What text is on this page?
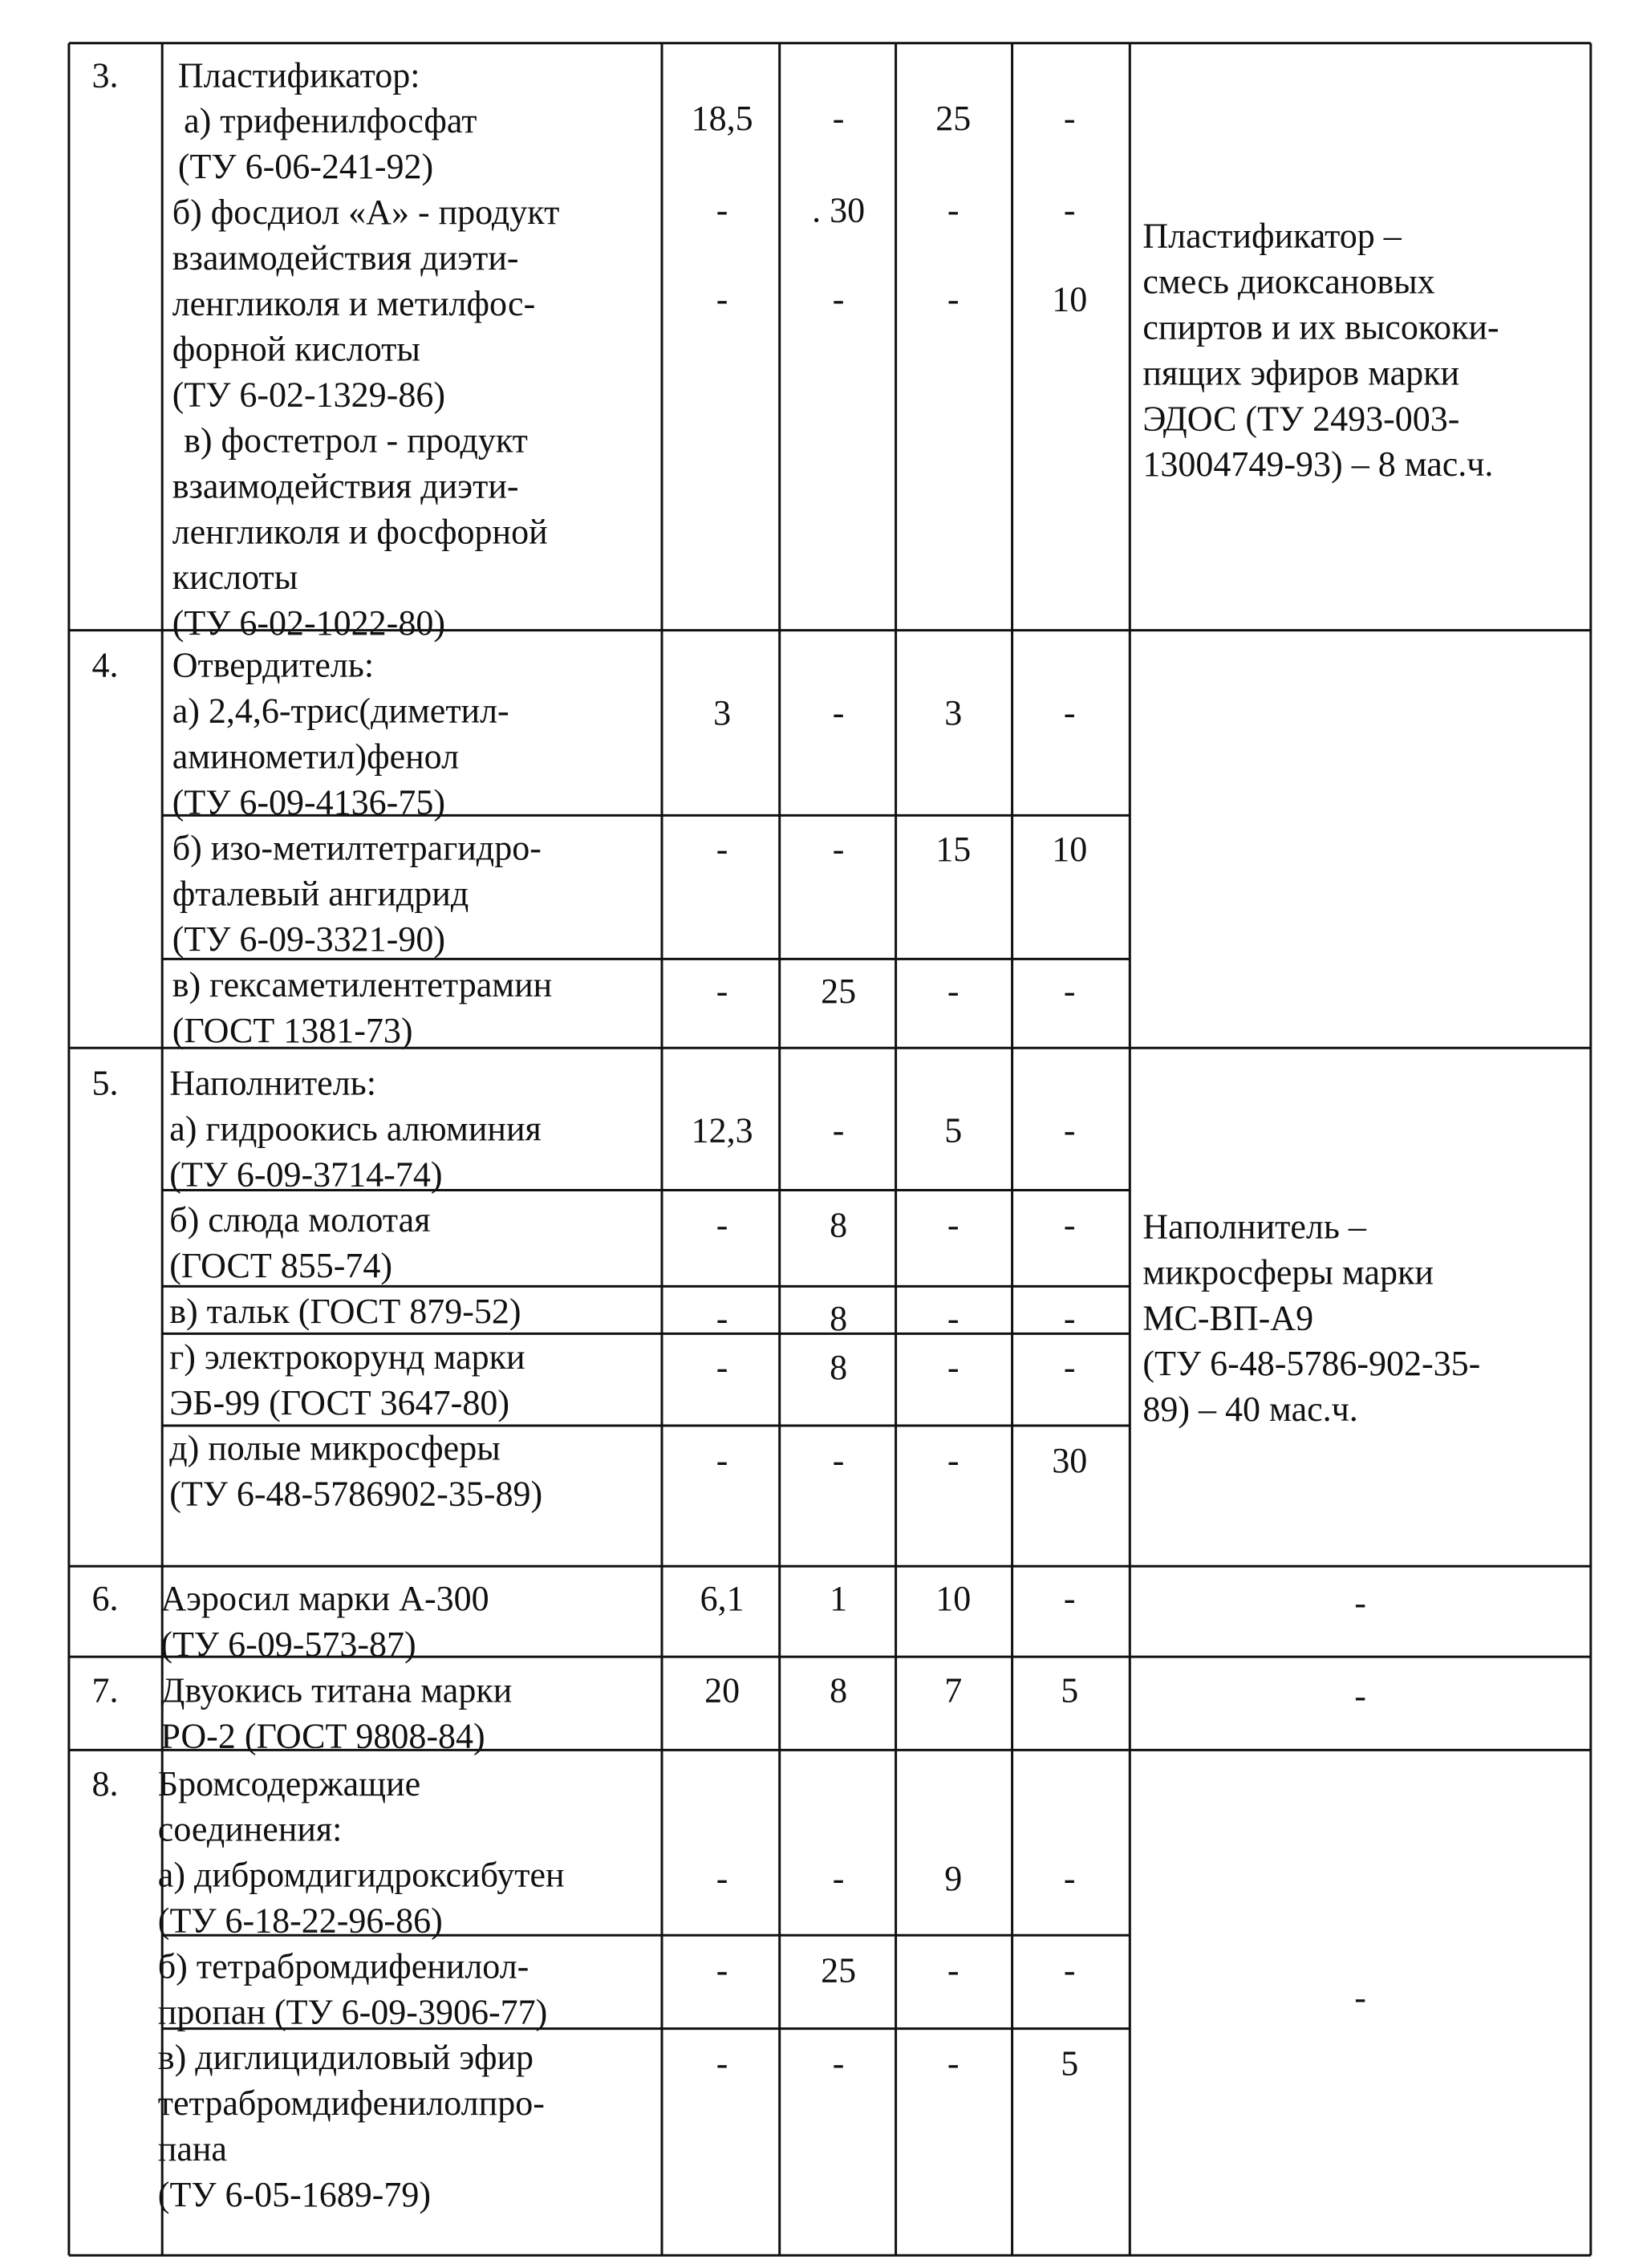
3. Пластификатор:
а) трифенилфосфат
(ТУ 6-06-241-92)
б) фосдиол «А» - продукт
взаимодействия диэти-
ленгликоля и метилфос-
форной кислоты
(ТУ 6-02-1329-86)
в) фостетрол - продукт
взаимодействия диэти-
ленгликоля и фосфорной
кислоты
(ТУ 6-02-1022-80)
18,5 -	25	-
- . 30 -	-
-	-	-	10
Пластификатор –
смесь диоксановых
спиртов и их высококи-
пящих эфиров марки
ЭДОС (ТУ 2493-003-
13004749-93) – 8 мас.ч.
4. Отвердитель:
а) 2,4,6-трис(диметил-
аминометил)фенол
(ТУ 6-09-4136-75)
б) изо-метилтетрагидро-
фталевый ангидрид
(ТУ 6-09-3321-90)
в) гексаметилентетрамин
(ГОСТ 1381-73)
3	-	3	-
-	-	15 10
-	25	-	-
5. Наполнитель:
а) гидроокись алюминия
(ТУ 6-09-3714-74)
б) слюда молотая
(ГОСТ 855-74)
в) тальк (ГОСТ 879-52)
г) электрокорунд марки
ЭБ-99 (ГОСТ 3647-80)
д) полые микросферы
(ТУ 6-48-5786902-35-89)
12,3 -	5	-
-	8	-	-
-	8	-	-
-	8	-	-
-	-	-	30
Наполнитель –
микросферы марки
МС-ВП-А9
(ТУ 6-48-5786-902-35-
89) – 40 мас.ч.
6. Аэросил марки А-300
(ТУ 6-09-573-87)
6,1 1	10	-	-
7. Двуокись титана марки
РО-2 (ГОСТ 9808-84)
20	8	7	5	-
8. Бромсодержащие
соединения:
а) дибромдигидроксибутен
(ТУ 6-18-22-96-86)
б) тетрабромдифенилол-
пропан (ТУ 6-09-3906-77)
в) диглицидиловый эфир
тетрабромдифенилолпро-
пана
(ТУ 6-05-1689-79)
-	-	9	-
-	25	-	-
-	-	-	5
-
